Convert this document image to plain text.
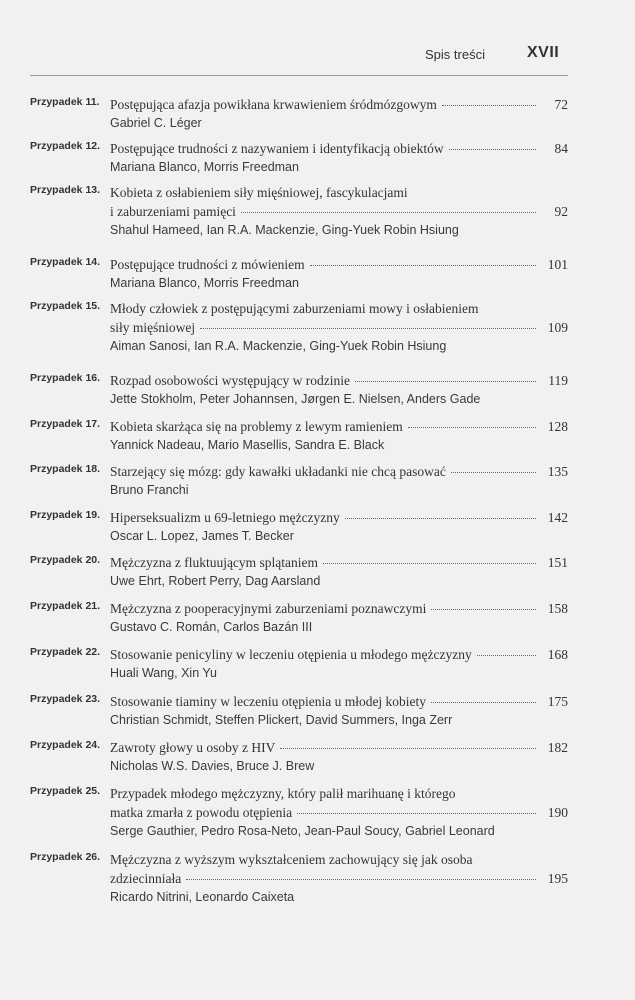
Spis treści	XVII
Przypadek 11. Postępująca afazja powikłana krwawieniem śródmózgowym	72
Gabriel C. Léger
Przypadek 12. Postępujące trudności z nazywaniem i identyfikacją obiektów	84
Mariana Blanco, Morris Freedman
Przypadek 13. Kobieta z osłabieniem siły mięśniowej, fascykulacjami
i zaburzeniami pamięci	92
Shahul Hameed, Ian R.A. Mackenzie, Ging-Yuek Robin Hsiung
Przypadek 14. Postępujące trudności z mówieniem	101
Mariana Blanco, Morris Freedman
Przypadek 15. Młody człowiek z postępującymi zaburzeniami mowy i osłabieniem
siły mięśniowej	109
Aiman Sanosi, Ian R.A. Mackenzie, Ging-Yuek Robin Hsiung
Przypadek 16. Rozpad osobowości występujący w rodzinie	119
Jette Stokholm, Peter Johannsen, Jørgen E. Nielsen, Anders Gade
Przypadek 17. Kobieta skarżąca się na problemy z lewym ramieniem	128
Yannick Nadeau, Mario Masellis, Sandra E. Black
Przypadek 18. Starzejący się mózg: gdy kawałki układanki nie chcą pasować	135
Bruno Franchi
Przypadek 19. Hiperseksualizm u 69-letniego mężczyzny	142
Oscar L. Lopez, James T. Becker
Przypadek 20. Mężczyzna z fluktuującym splątaniem	151
Uwe Ehrt, Robert Perry, Dag Aarsland
Przypadek 21. Mężczyzna z pooperacyjnymi zaburzeniami poznawczymi	158
Gustavo C. Román, Carlos Bazán III
Przypadek 22. Stosowanie penicyliny w leczeniu otępienia u młodego mężczyzny	168
Huali Wang, Xin Yu
Przypadek 23. Stosowanie tiaminy w leczeniu otępienia u młodej kobiety	175
Christian Schmidt, Steffen Plickert, David Summers, Inga Zerr
Przypadek 24. Zawroty głowy u osoby z HIV	182
Nicholas W.S. Davies, Bruce J. Brew
Przypadek 25. Przypadek młodego mężczyzny, który palił marihuanę i którego
matka zmarła z powodu otępienia	190
Serge Gauthier, Pedro Rosa-Neto, Jean-Paul Soucy, Gabriel Leonard
Przypadek 26. Mężczyzna z wyższym wykształceniem zachowujący się jak osoba
zdziecinniała	195
Ricardo Nitrini, Leonardo Caixeta
